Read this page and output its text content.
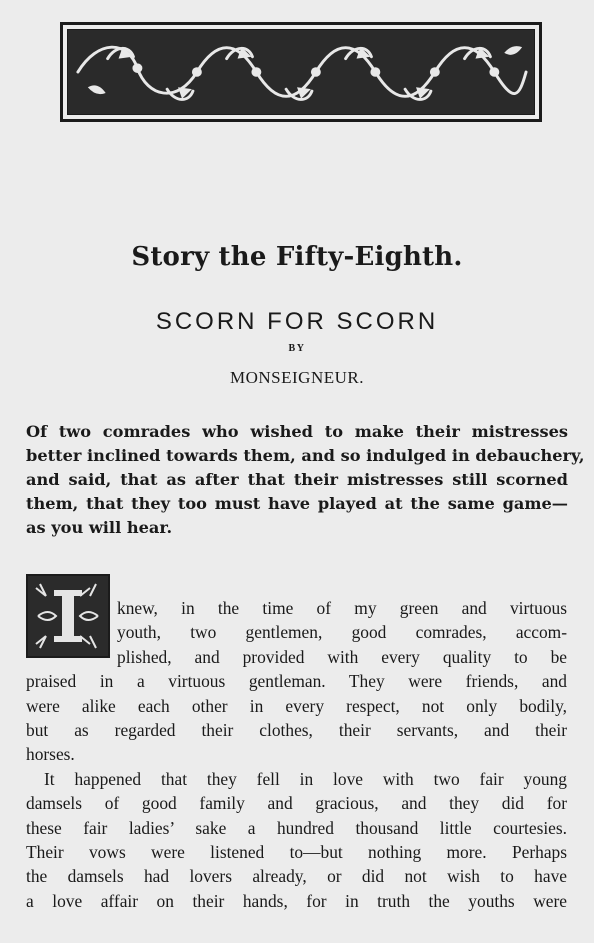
Story the Fifty-Eighth.
SCORN FOR SCORN
BY
MONSEIGNEUR.
Of two comrades who wished to make their mistresses
better inclined towards them, and so indulged in debauchery,
and said, that as after that their mistresses still scorned
them, that they too must have played at the same game—
as you will hear.
knew, in the time of my green and virtuous
youth, two gentlemen, good comrades, accom-
plished, and provided with every quality to be
praised in a virtuous gentleman. They were friends, and
were alike each other in every respect, not only bodily,
but as regarded their clothes, their servants, and their
horses.
It happened that they fell in love with two fair young
damsels of good family and gracious, and they did for
these fair ladies’ sake a hundred thousand little courtesies.
Their vows were listened to—but nothing more. Perhaps
the damsels had lovers already, or did not wish to have
a love affair on their hands, for in truth the youths were
